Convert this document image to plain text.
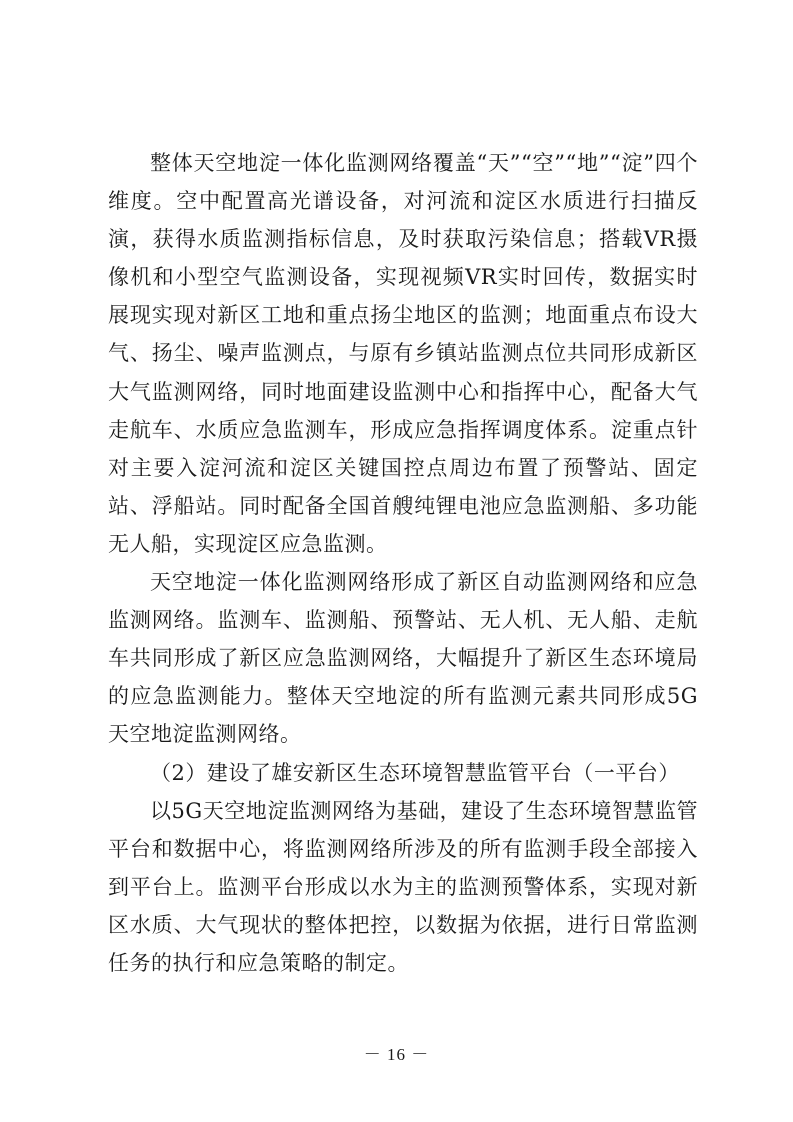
整体天空地淀一体化监测网络覆盖“天”“空”“地”“淀”四个维度。空中配置高光谱设备，对河流和淀区水质进行扫描反演，获得水质监测指标信息，及时获取污染信息；搭载VR摄像机和小型空气监测设备，实现视频VR实时回传，数据实时展现实现对新区工地和重点扬尘地区的监测；地面重点布设大气、扬尘、噪声监测点，与原有乡镇站监测点位共同形成新区大气监测网络，同时地面建设监测中心和指挥中心，配备大气走航车、水质应急监测车，形成应急指挥调度体系。淀重点针对主要入淀河流和淀区关键国控点周边布置了预警站、固定站、浮船站。同时配备全国首艘纯锂电池应急监测船、多功能无人船，实现淀区应急监测。

天空地淀一体化监测网络形成了新区自动监测网络和应急监测网络。监测车、监测船、预警站、无人机、无人船、走航车共同形成了新区应急监测网络，大幅提升了新区生态环境局的应急监测能力。整体天空地淀的所有监测元素共同形成5G天空地淀监测网络。

（2）建设了雄安新区生态环境智慧监管平台（一平台）

以5G天空地淀监测网络为基础，建设了生态环境智慧监管平台和数据中心，将监测网络所涉及的所有监测手段全部接入到平台上。监测平台形成以水为主的监测预警体系，实现对新区水质、大气现状的整体把控，以数据为依据，进行日常监测任务的执行和应急策略的制定。

－ 16 －
